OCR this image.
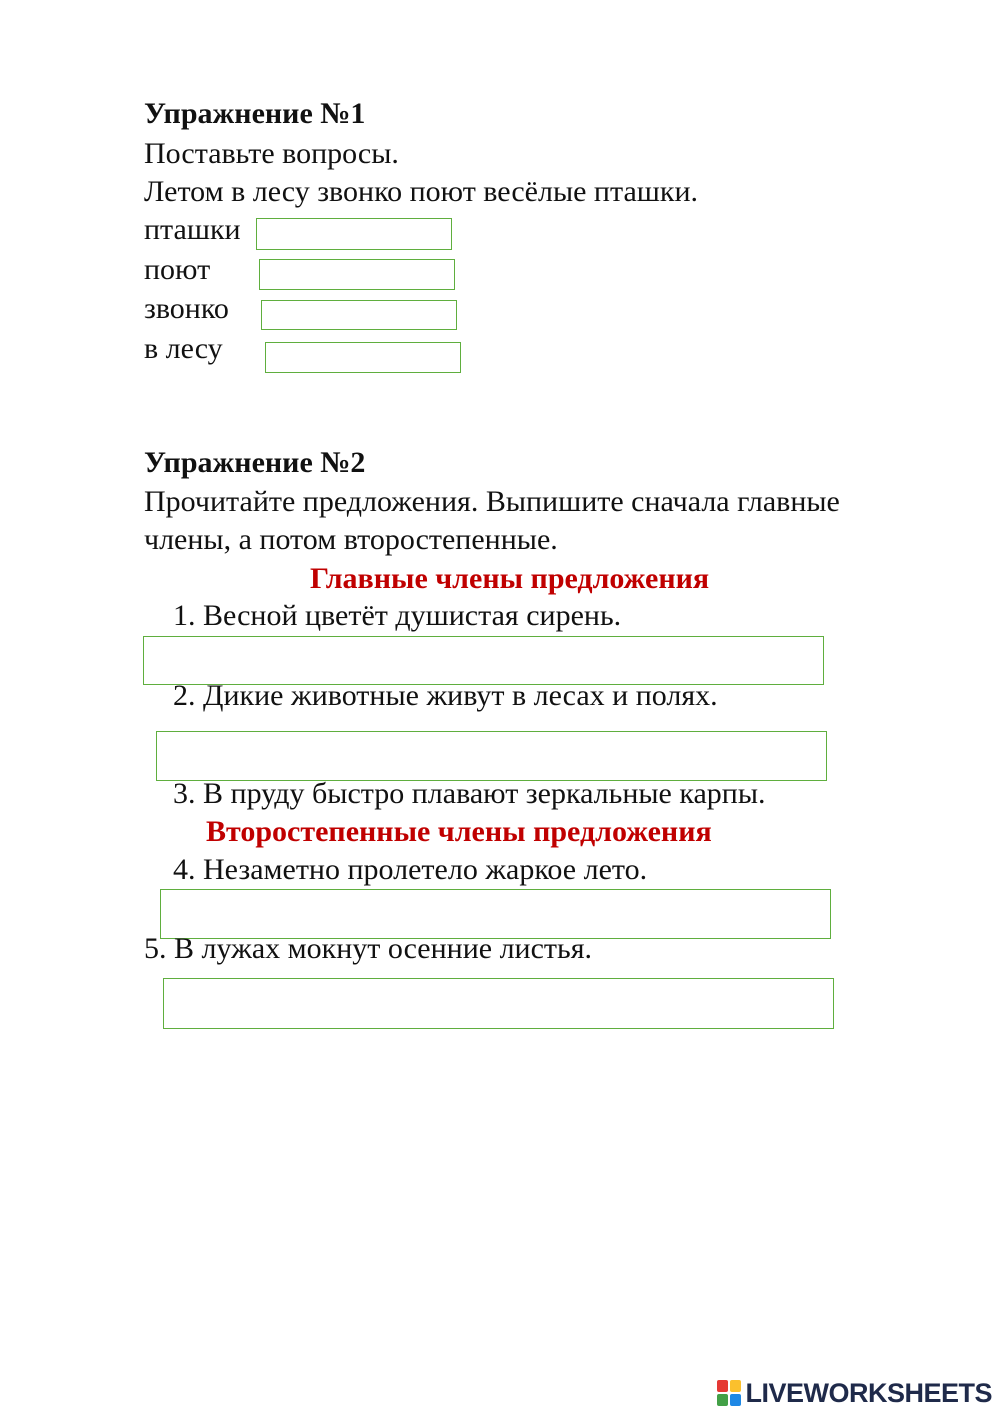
Упражнение №1
Поставьте вопросы.
Летом в лесу звонко поют весёлые пташки.
пташки
поют
звонко
в лесу
Упражнение №2
Прочитайте предложения. Выпишите сначала главные
члены, а потом второстепенные.
Главные члены предложения
1. Весной цветёт душистая сирень.
2. Дикие животные живут в лесах и полях.
3. В пруду быстро плавают зеркальные карпы.
Второстепенные члены предложения
4. Незаметно пролетело жаркое лето.
5. В лужах мокнут осенние листья.
LIVEWORKSHEETS
